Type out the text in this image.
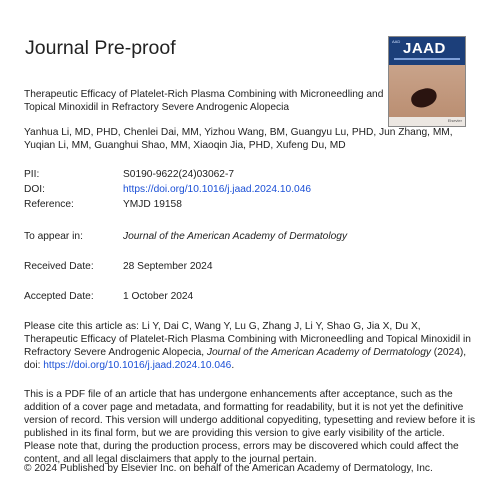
Journal Pre-proof	AAD JAAD
Elsevier
Therapeutic Efficacy of Platelet-Rich Plasma Combining with Microneedling and Topical Minoxidil in Refractory Severe Androgenic Alopecia
Yanhua Li, MD, PHD, Chenlei Dai, MM, Yizhou Wang, BM, Guangyu Lu, PHD, Jun Zhang, MM, Yuqian Li, MM, Guanghui Shao, MM, Xiaoqin Jia, PHD, Xufeng Du, MD
PII:	S0190-9622(24)03062-7
DOI:	https://doi.org/10.1016/j.jaad.2024.10.046
Reference:	YMJD 19158
To appear in:	Journal of the American Academy of Dermatology
Received Date:	28 September 2024
Accepted Date:	1 October 2024
Please cite this article as: Li Y, Dai C, Wang Y, Lu G, Zhang J, Li Y, Shao G, Jia X, Du X, Therapeutic Efficacy of Platelet-Rich Plasma Combining with Microneedling and Topical Minoxidil in Refractory Severe Androgenic Alopecia, Journal of the American Academy of Dermatology (2024), doi: https://doi.org/10.1016/j.jaad.2024.10.046.
This is a PDF file of an article that has undergone enhancements after acceptance, such as the addition of a cover page and metadata, and formatting for readability, but it is not yet the definitive version of record. This version will undergo additional copyediting, typesetting and review before it is published in its final form, but we are providing this version to give early visibility of the article. Please note that, during the production process, errors may be discovered which could affect the content, and all legal disclaimers that apply to the journal pertain.
© 2024 Published by Elsevier Inc. on behalf of the American Academy of Dermatology, Inc.
